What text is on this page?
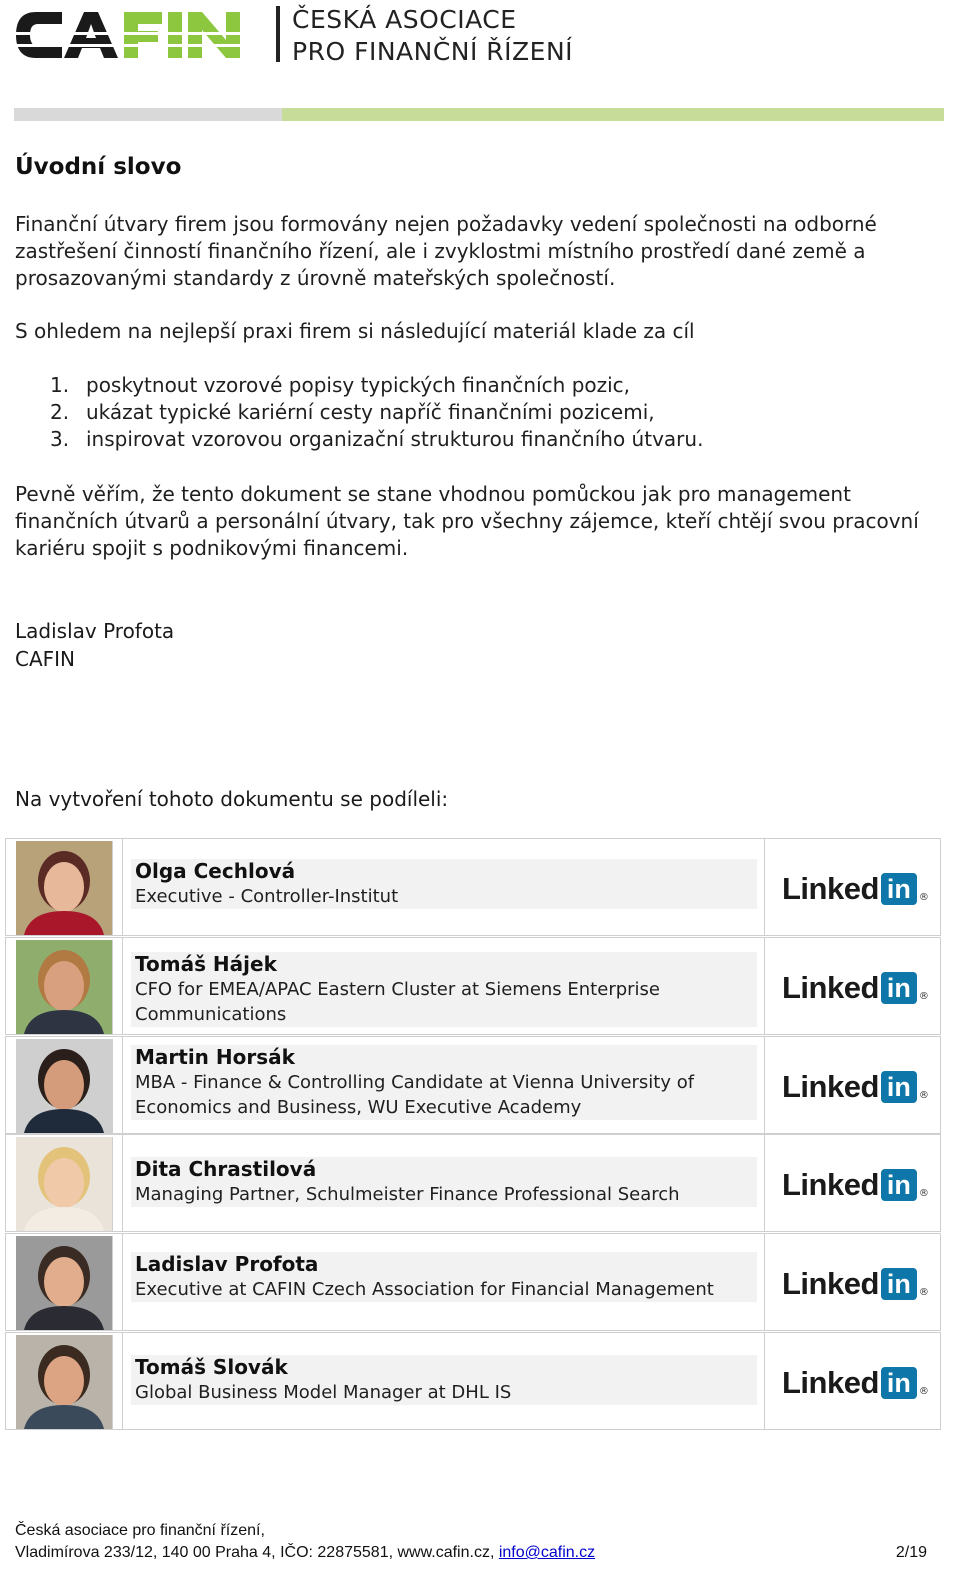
ČESKÁ ASOCIACE
PRO FINANČNÍ ŘÍZENÍ
Úvodní slovo

Finanční útvary firem jsou formovány nejen požadavky vedení společnosti na odborné zastřešení činností finančního řízení, ale i zvyklostmi místního prostředí dané země a prosazovanými standardy z úrovně mateřských společností.

S ohledem na nejlepší praxi firem si následující materiál klade za cíl

1. poskytnout vzorové popisy typických finančních pozic,
2. ukázat typické kariérní cesty napříč finančními pozicemi,
3. inspirovat vzorovou organizační strukturou finančního útvaru.

Pevně věřím, že tento dokument se stane vhodnou pomůckou jak pro management finančních útvarů a personální útvary, tak pro všechny zájemce, kteří chtějí svou pracovní kariéru spojit s podnikovými financemi.

Ladislav Profota
CAFIN
Na vytvoření tohoto dokumentu se podíleli:
Olga Cechlová
Executive - Controller-Institut	Linked in ®
Tomáš Hájek
CFO for EMEA/APAC Eastern Cluster at Siemens Enterprise Communications
Linked in ®
Martin Horsák
MBA - Finance & Controlling Candidate at Vienna University of Economics and Business, WU Executive Academy
Linked in ®
Dita Chrastilová
Managing Partner, Schulmeister Finance Professional Search	Linked in ®
Ladislav Profota
Executive at CAFIN Czech Association for Financial Management	Linked in ®
Tomáš Slovák
Global Business Model Manager at DHL IS	Linked in ®
Česká asociace pro finanční řízení,
Vladimírova 233/12, 140 00 Praha 4, IČO: 22875581, www.cafin.cz, info@cafin.cz	2/19
